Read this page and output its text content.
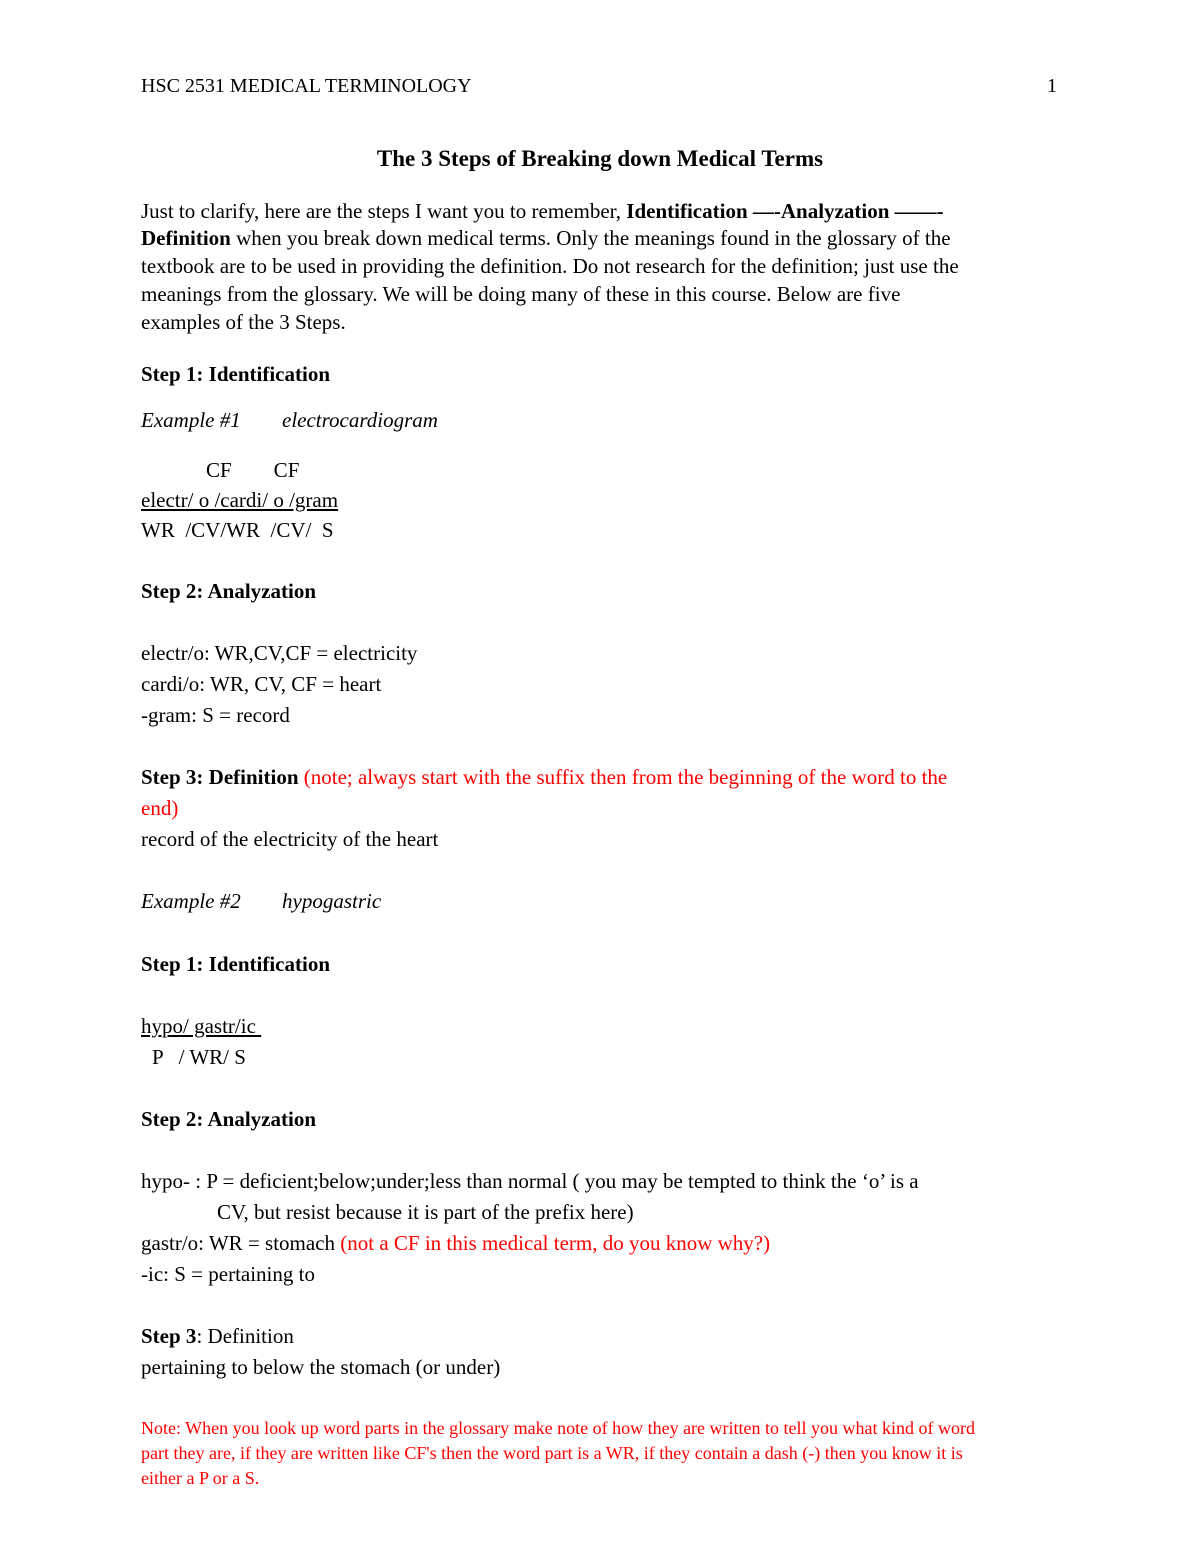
HSC 2531 MEDICAL TERMINOLOGY	1
The 3 Steps of Breaking down Medical Terms
Just to clarify, here are the steps I want you to remember, Identification —-Analyzation ——-
Definition when you break down medical terms. Only the meanings found in the glossary of the
textbook are to be used in providing the definition. Do not research for the definition; just use the
meanings from the glossary. We will be doing many of these in this course. Below are five
examples of the 3 Steps.
Step 1: Identification
Example #1 electrocardiogram
CF        CF
electr/ o /cardi/ o /gram
WR  /CV/WR  /CV/  S
Step 2: Analyzation
electr/o: WR,CV,CF = electricity
cardi/o: WR, CV, CF = heart
-gram: S = record
Step 3: Definition (note; always start with the suffix then from the beginning of the word to the
end)
record of the electricity of the heart
Example #2 hypogastric
Step 1: Identification
hypo/ gastr/ic
P   / WR/ S
Step 2: Analyzation
hypo- : P = deficient;below;under;less than normal ( you may be tempted to think the ‘o’ is a
CV, but resist because it is part of the prefix here)
gastr/o: WR = stomach (not a CF in this medical term, do you know why?)
-ic: S = pertaining to
Step 3: Definition
pertaining to below the stomach (or under)
Note: When you look up word parts in the glossary make note of how they are written to tell you what kind of word
part they are, if they are written like CF's then the word part is a WR, if they contain a dash (-) then you know it is
either a P or a S.
